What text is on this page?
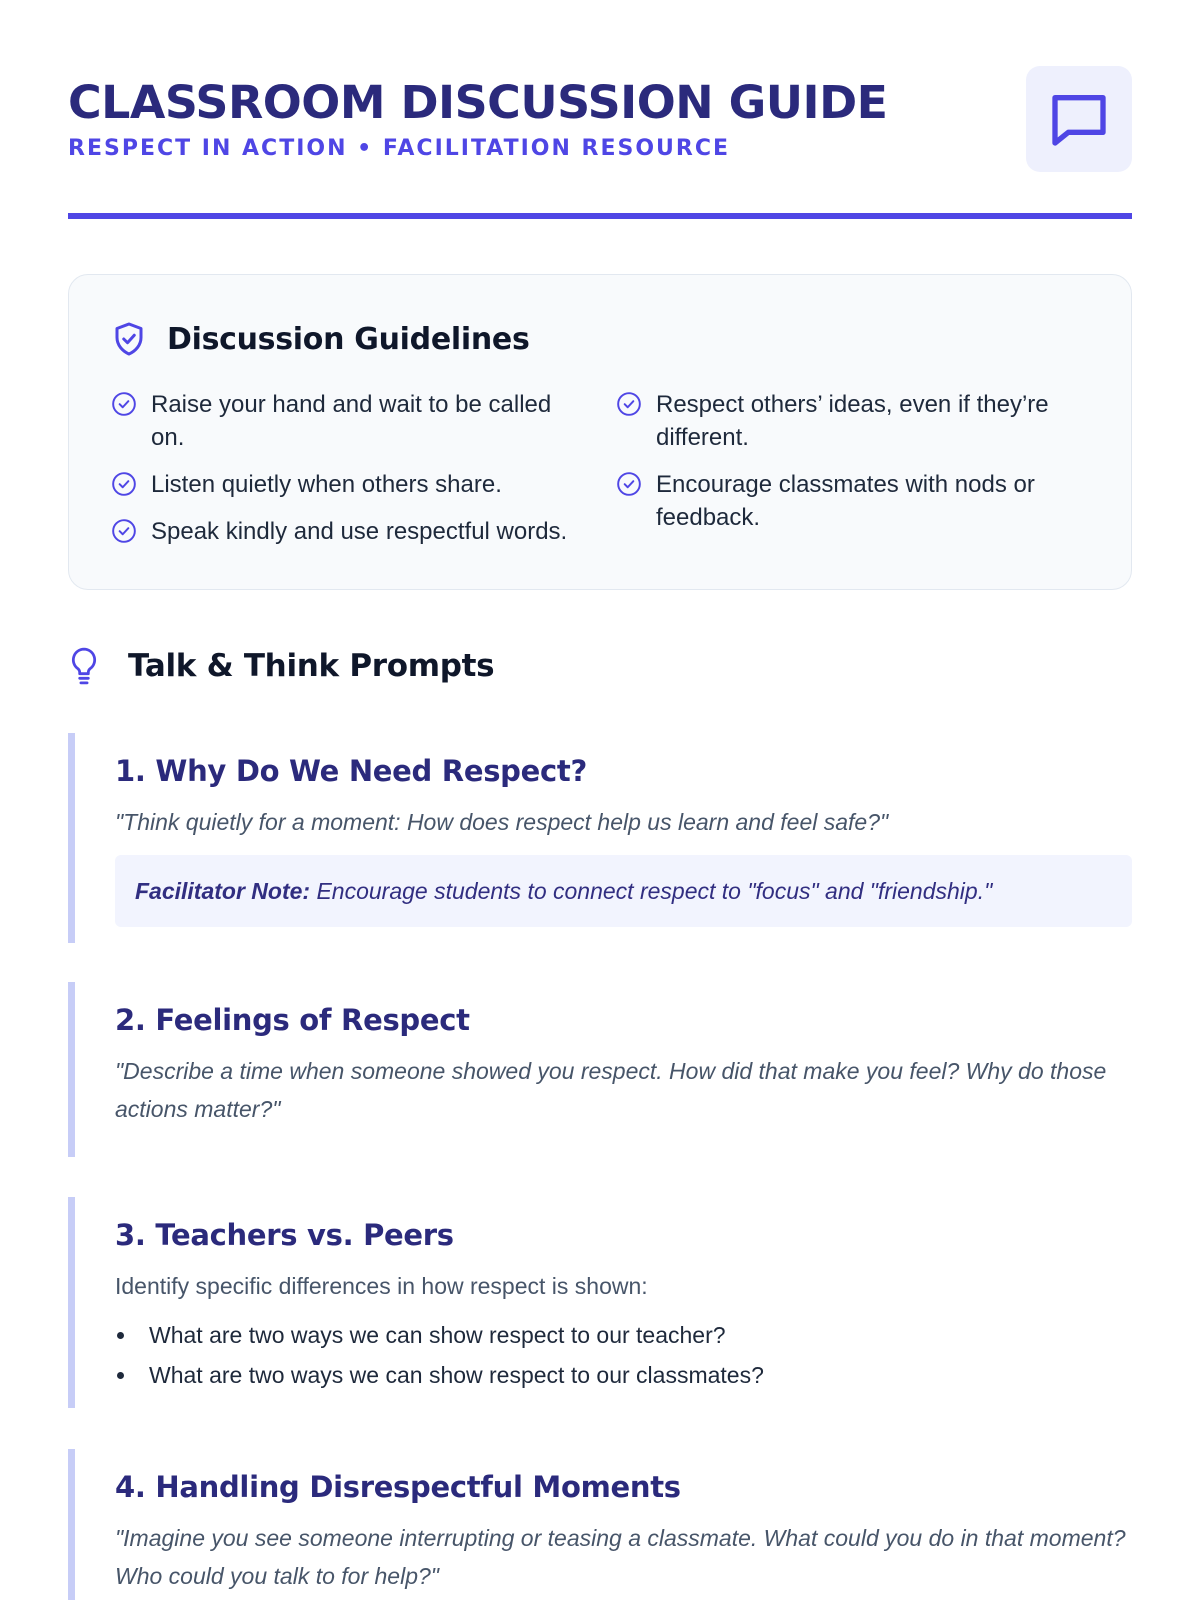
CLASSROOM DISCUSSION GUIDE
RESPECT IN ACTION • FACILITATION RESOURCE
Discussion Guidelines
Raise your hand and wait to be called on.
Listen quietly when others share.
Speak kindly and use respectful words.
Respect others’ ideas, even if they’re different.
Encourage classmates with nods or feedback.
Talk & Think Prompts
1. Why Do We Need Respect?
"Think quietly for a moment: How does respect help us learn and feel safe?"
Facilitator Note: Encourage students to connect respect to "focus" and "friendship."
2. Feelings of Respect
"Describe a time when someone showed you respect. How did that make you feel? Why do those actions matter?"
3. Teachers vs. Peers
Identify specific differences in how respect is shown:
What are two ways we can show respect to our teacher?
What are two ways we can show respect to our classmates?
4. Handling Disrespectful Moments
"Imagine you see someone interrupting or teasing a classmate. What could you do in that moment? Who could you talk to for help?"
